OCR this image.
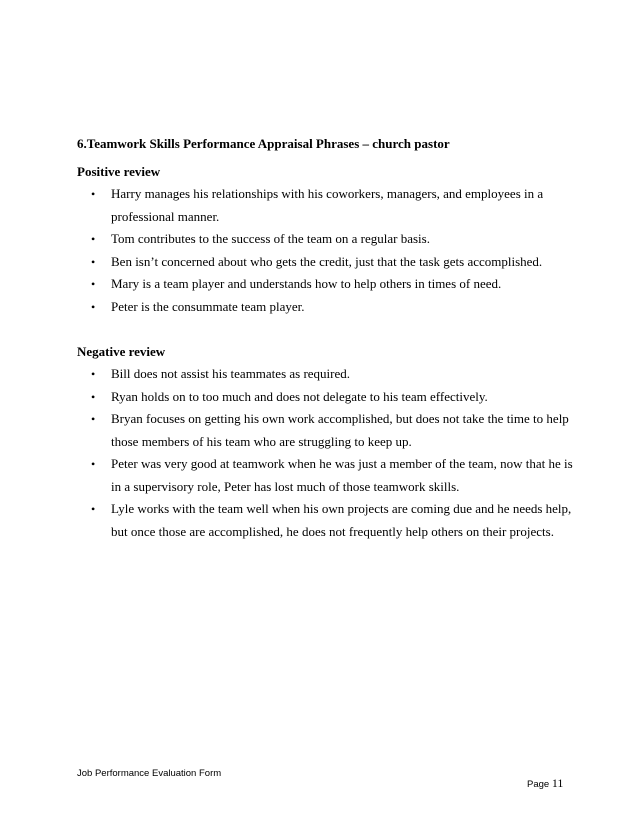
6.Teamwork Skills Performance Appraisal Phrases – church pastor
Positive review
• Harry manages his relationships with his coworkers, managers, and employees in a professional manner.
• Tom contributes to the success of the team on a regular basis.
• Ben isn’t concerned about who gets the credit, just that the task gets accomplished.
• Mary is a team player and understands how to help others in times of need.
• Peter is the consummate team player.
Negative review
• Bill does not assist his teammates as required.
• Ryan holds on to too much and does not delegate to his team effectively.
• Bryan focuses on getting his own work accomplished, but does not take the time to help those members of his team who are struggling to keep up.
• Peter was very good at teamwork when he was just a member of the team, now that he is in a supervisory role, Peter has lost much of those teamwork skills.
• Lyle works with the team well when his own projects are coming due and he needs help, but once those are accomplished, he does not frequently help others on their projects.
Job Performance Evaluation Form
Page 11
